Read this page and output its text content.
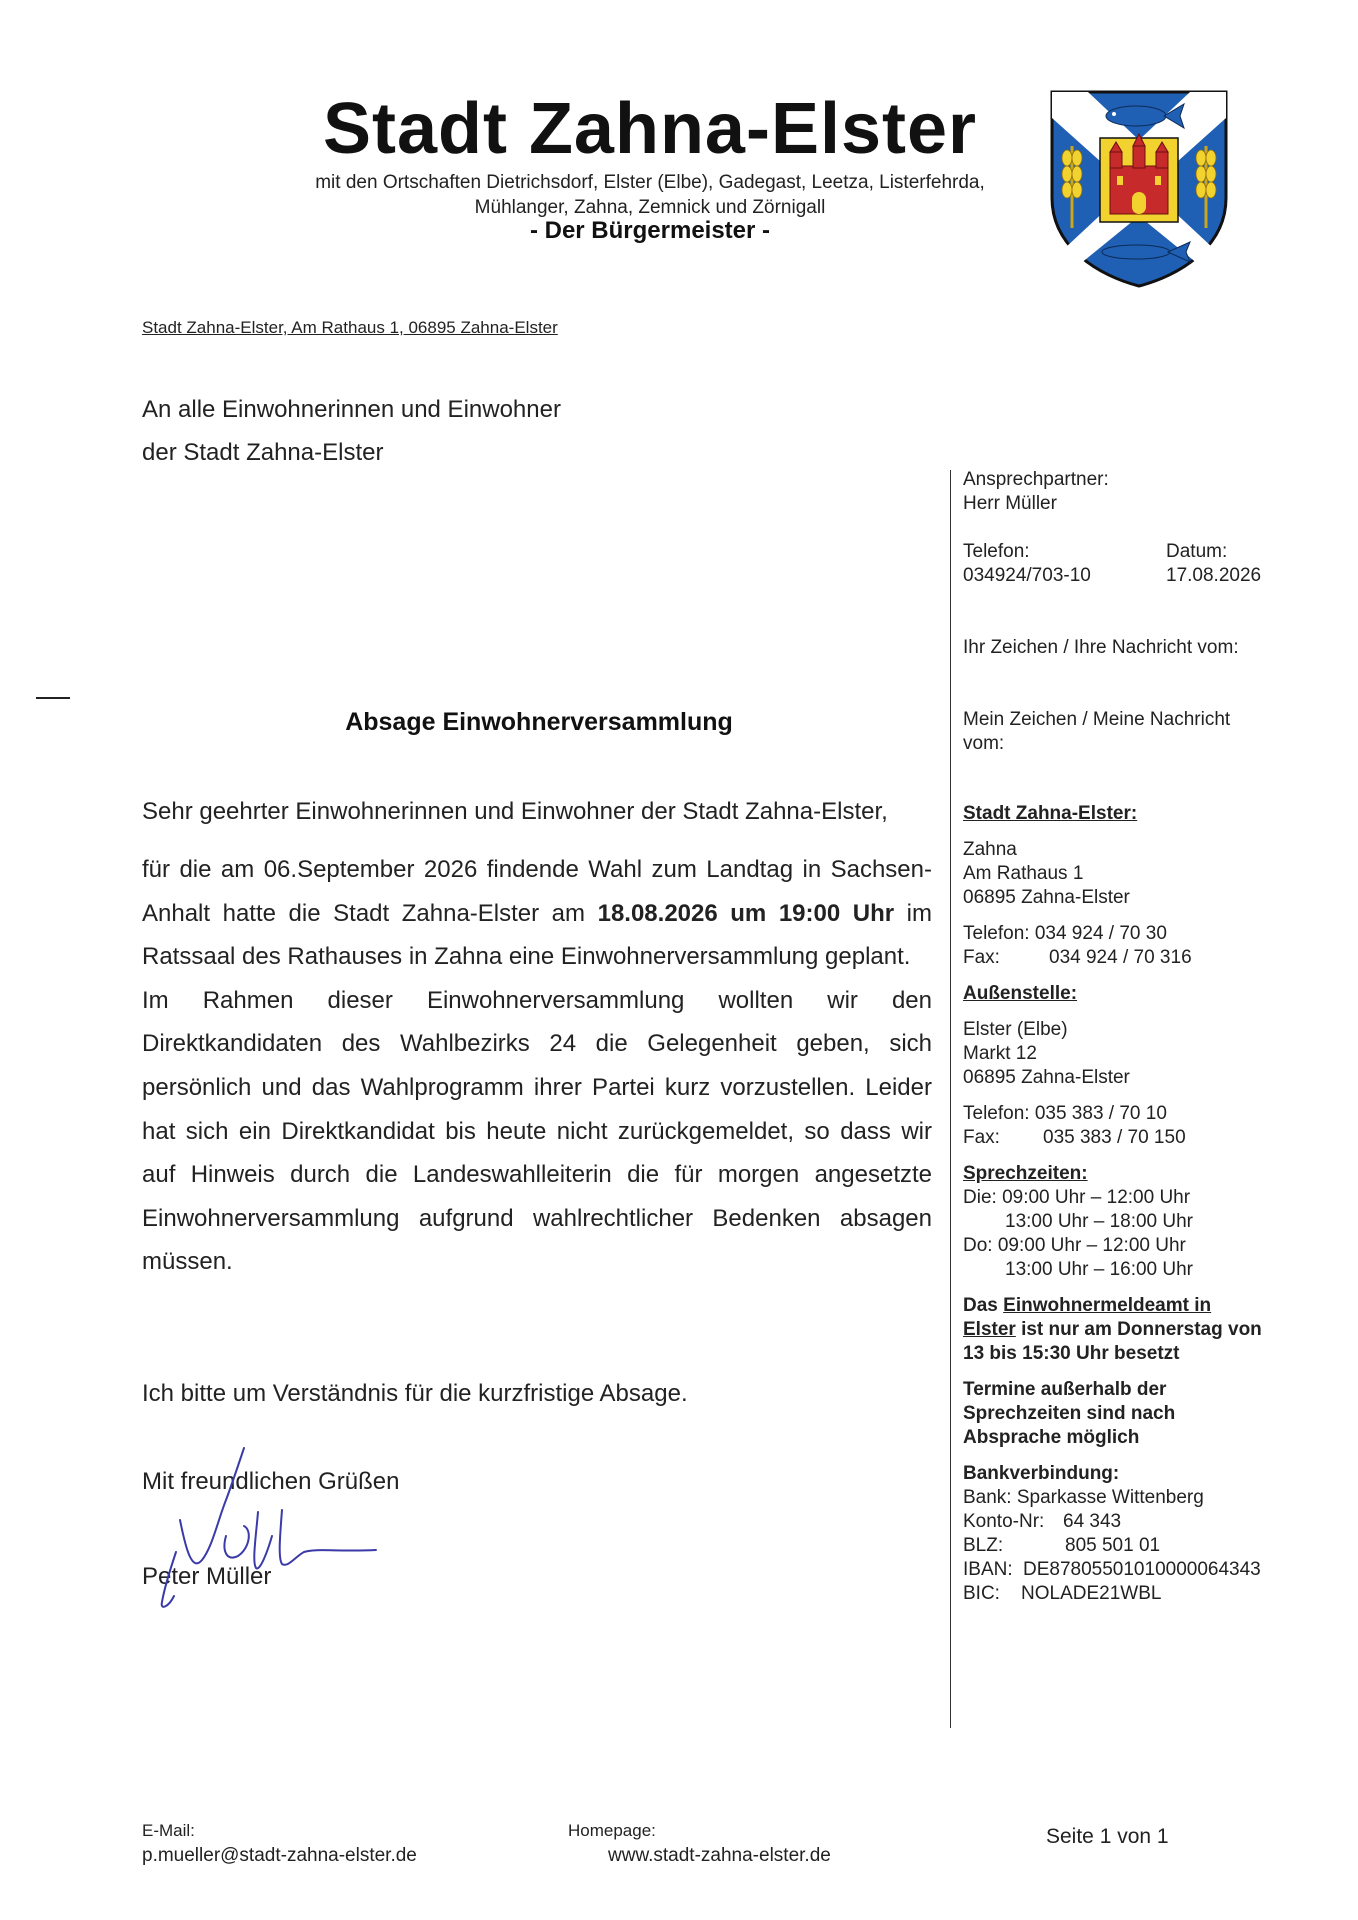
Stadt Zahna-Elster
mit den Ortschaften Dietrichsdorf, Elster (Elbe), Gadegast, Leetza, Listerfehrda,
Mühlanger, Zahna, Zemnick und Zörnigall
- Der Bürgermeister -
Stadt Zahna-Elster, Am Rathaus 1, 06895 Zahna-Elster
An alle Einwohnerinnen und Einwohner
der Stadt Zahna-Elster
Ansprechpartner:
Herr Müller
Telefon:
034924/703-10
Datum:
17.08.2026
Ihr Zeichen / Ihre Nachricht vom:
Mein Zeichen / Meine Nachricht
vom:
Stadt Zahna-Elster:
Zahna
Am Rathaus 1
06895 Zahna-Elster
Telefon: 034 924 / 70 30
Fax:	034 924 / 70 316
Außenstelle:
Elster (Elbe)
Markt 12
06895 Zahna-Elster
Telefon: 035 383 / 70 10
Fax:	035 383 / 70 150
Sprechzeiten:
Die: 09:00 Uhr – 12:00 Uhr
13:00 Uhr – 18:00 Uhr
Do: 09:00 Uhr – 12:00 Uhr
13:00 Uhr – 16:00 Uhr
Das Einwohnermeldeamt in
Elster ist nur am Donnerstag von
13 bis 15:30 Uhr besetzt
Termine außerhalb der
Sprechzeiten sind nach
Absprache möglich
Bankverbindung:
Bank: Sparkasse Wittenberg
Konto-Nr: 64 343
BLZ:	805 501 01
IBAN: DE87805501010000064343
BIC:	NOLADE21WBL
Absage Einwohnerversammlung
Sehr geehrter Einwohnerinnen und Einwohner der Stadt Zahna-Elster,

für die am 06.September 2026 findende Wahl zum Landtag in Sachsen-Anhalt hatte die Stadt Zahna-Elster am 18.08.2026 um 19:00 Uhr im Ratssaal des Rathauses in Zahna eine Einwohnerversammlung geplant.

Im Rahmen dieser Einwohnerversammlung wollten wir den Direktkandidaten des Wahlbezirks 24 die Gelegenheit geben, sich persönlich und das Wahlprogramm ihrer Partei kurz vorzustellen. Leider hat sich ein Direktkandidat bis heute nicht zurückgemeldet, so dass wir auf Hinweis durch die Landeswahlleiterin die für morgen angesetzte Einwohnerversammlung aufgrund wahlrechtlicher Bedenken absagen müssen.

Ich bitte um Verständnis für die kurzfristige Absage.
Mit freundlichen Grüßen
Peter Müller
E-Mail:
p.mueller@stadt-zahna-elster.de
Homepage:
www.stadt-zahna-elster.de
Seite 1 von 1
